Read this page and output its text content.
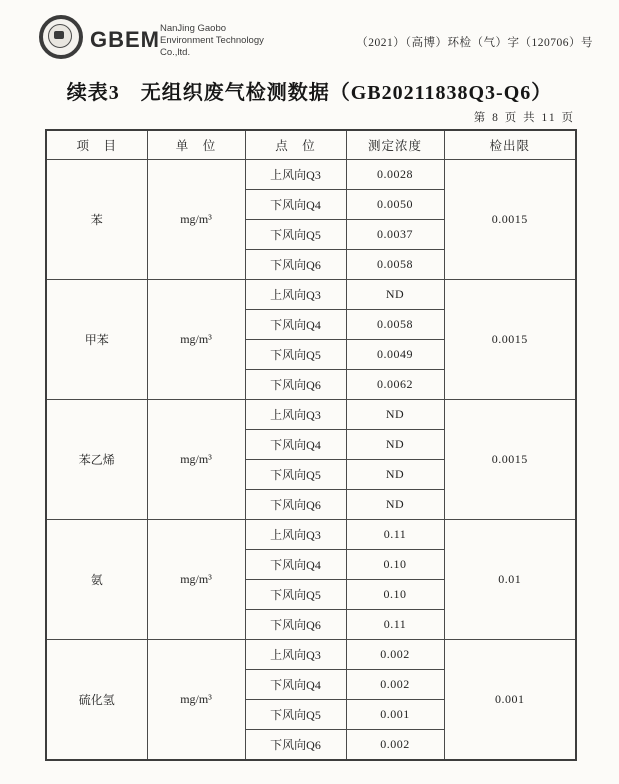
GBEM NanJing Gaobo
Environment Technology
Co.,ltd.
（2021）（高博）环检（气）字（120706）号
续表3　无组织废气检测数据（GB20211838Q3-Q6）
第 8 页 共 11 页
项　目	单　位	点　位	测定浓度	检出限
苯	mg/m³	上风向Q3	0.0028	0.0015
		下风向Q4	0.0050	
		下风向Q5	0.0037	
		下风向Q6	0.0058	
甲苯	mg/m³	上风向Q3	ND	0.0015
		下风向Q4	0.0058	
		下风向Q5	0.0049	
		下风向Q6	0.0062	
苯乙烯	mg/m³	上风向Q3	ND	0.0015
		下风向Q4	ND	
		下风向Q5	ND	
		下风向Q6	ND	
氨	mg/m³	上风向Q3	0.11	0.01
		下风向Q4	0.10	
		下风向Q5	0.10	
		下风向Q6	0.11	
硫化氢	mg/m³	上风向Q3	0.002	0.001
		下风向Q4	0.002	
		下风向Q5	0.001	
		下风向Q6	0.002	
